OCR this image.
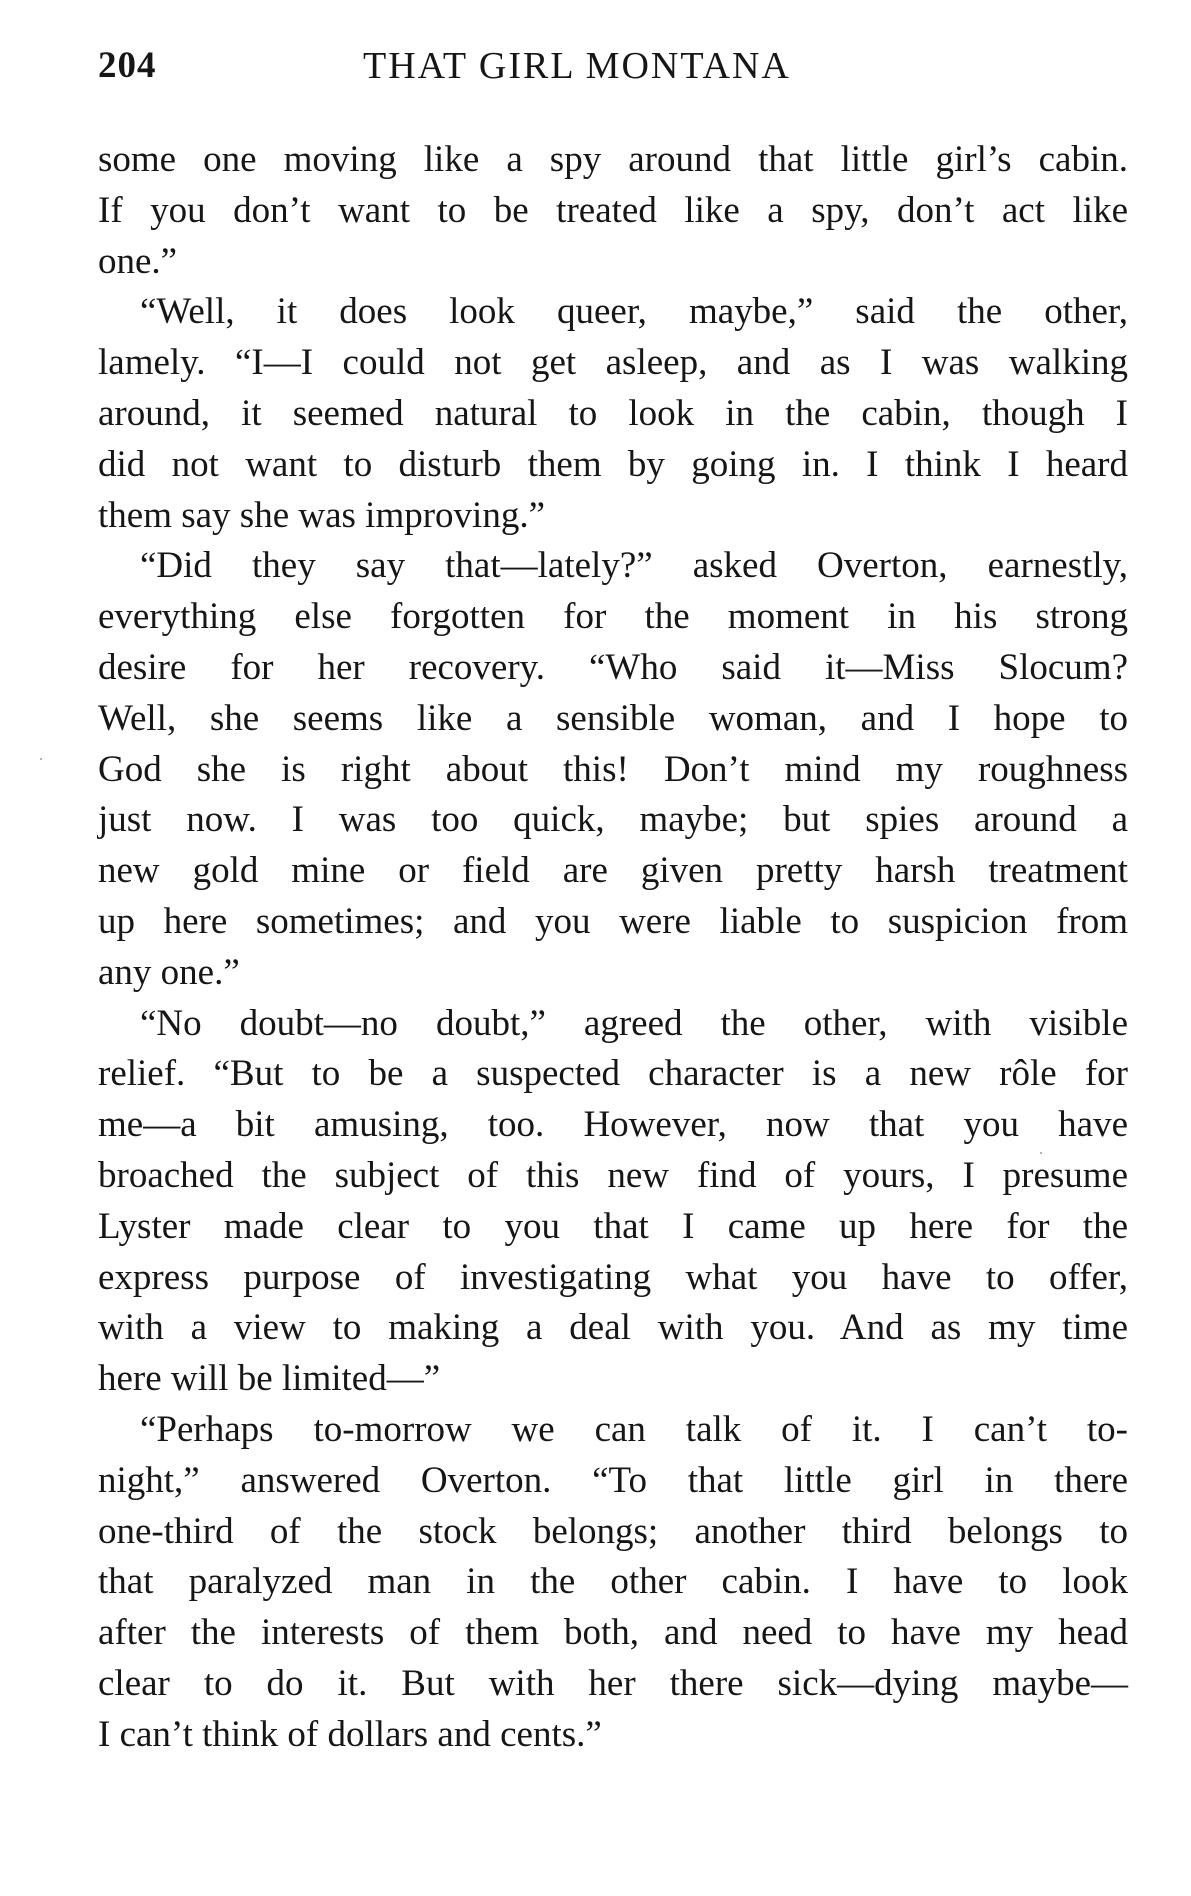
204	THAT GIRL MONTANA
some one moving like a spy around that little girl’s cabin.
If you don’t want to be treated like a spy, don’t act like
one.”
“Well, it does look queer, maybe,” said the other,
lamely. “I—I could not get asleep, and as I was walking
around, it seemed natural to look in the cabin, though I
did not want to disturb them by going in. I think I heard
them say she was improving.”
“Did they say that—lately?” asked Overton, earnestly,
everything else forgotten for the moment in his strong
desire for her recovery. “Who said it—Miss Slocum?
Well, she seems like a sensible woman, and I hope to
God she is right about this! Don’t mind my roughness
just now. I was too quick, maybe; but spies around a
new gold mine or field are given pretty harsh treatment
up here sometimes; and you were liable to suspicion from
any one.”
“No doubt—no doubt,” agreed the other, with visible
relief. “But to be a suspected character is a new rôle for
me—a bit amusing, too. However, now that you have
broached the subject of this new find of yours, I presume
Lyster made clear to you that I came up here for the
express purpose of investigating what you have to offer,
with a view to making a deal with you. And as my time
here will be limited—”
“Perhaps to-morrow we can talk of it. I can’t to-
night,” answered Overton. “To that little girl in there
one-third of the stock belongs; another third belongs to
that paralyzed man in the other cabin. I have to look
after the interests of them both, and need to have my head
clear to do it. But with her there sick—dying maybe—
I can’t think of dollars and cents.”
